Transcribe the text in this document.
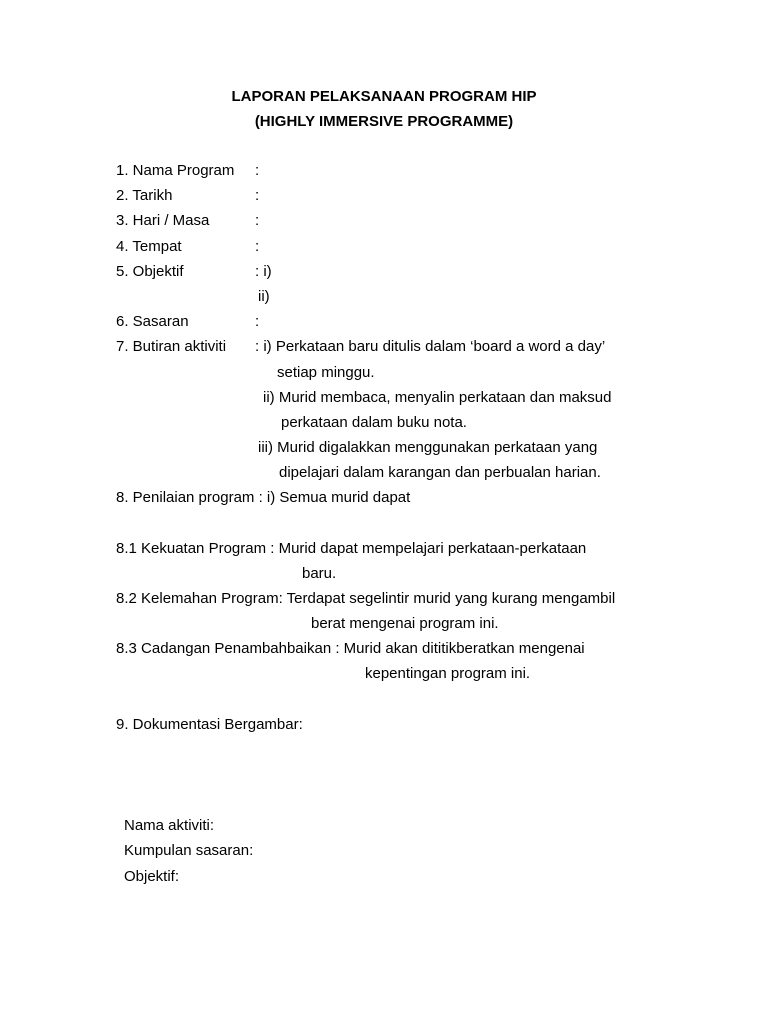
LAPORAN PELAKSANAAN PROGRAM HIP
(HIGHLY IMMERSIVE PROGRAMME)
1. Nama Program :
2. Tarikh	:
3. Hari / Masa	:
4. Tempat	:
5. Objektif	: i)
ii)
6. Sasaran	:
7. Butiran aktiviti : i) Perkataan baru ditulis dalam ‘board a word a day’
setiap minggu.
ii) Murid membaca, menyalin perkataan dan maksud
perkataan dalam buku nota.
iii) Murid digalakkan menggunakan perkataan yang
dipelajari dalam karangan dan perbualan harian.
8. Penilaian program : i) Semua murid dapat
8.1 Kekuatan Program : Murid dapat mempelajari perkataan-perkataan
baru.
8.2 Kelemahan Program: Terdapat segelintir murid yang kurang mengambil
berat mengenai program ini.
8.3 Cadangan Penambahbaikan : Murid akan dititikberatkan mengenai
kepentingan program ini.
9. Dokumentasi Bergambar:
Nama aktiviti:
Kumpulan sasaran:
Objektif:
